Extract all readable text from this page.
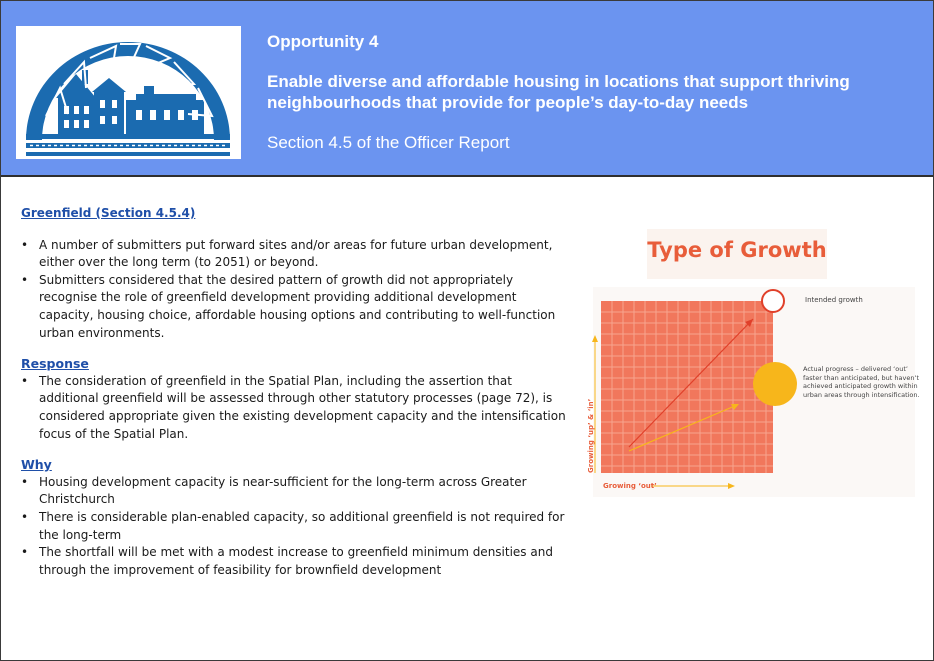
Opportunity 4
Enable diverse and affordable housing in locations that support thriving neighbourhoods that provide for people’s day-to-day needs
Section 4.5 of the Officer Report
Greenfield (Section 4.5.4)
• A number of submitters put forward sites and/or areas for future urban development, either over the long term (to 2051) or beyond.
• Submitters considered that the desired pattern of growth did not appropriately recognise the role of greenfield development providing additional development capacity, housing choice, affordable housing options and contributing to well-function urban environments.
Response
• The consideration of greenfield in the Spatial Plan, including the assertion that additional greenfield will be assessed through other statutory processes (page 72), is considered appropriate given the existing development capacity and the intensification focus of the Spatial Plan.
Why
• Housing development capacity is near-sufficient for the long-term across Greater Christchurch
• There is considerable plan-enabled capacity, so additional greenfield is not required for the long-term
• The shortfall will be met with a modest increase to greenfield minimum densities and through the improvement of feasibility for brownfield development
Type of Growth
Intended growth
Actual progress – delivered ‘out’ faster than anticipated, but haven’t achieved anticipated growth within urban areas through intensification.
Growing ‘up’ & ‘in’
Growing ‘out’
